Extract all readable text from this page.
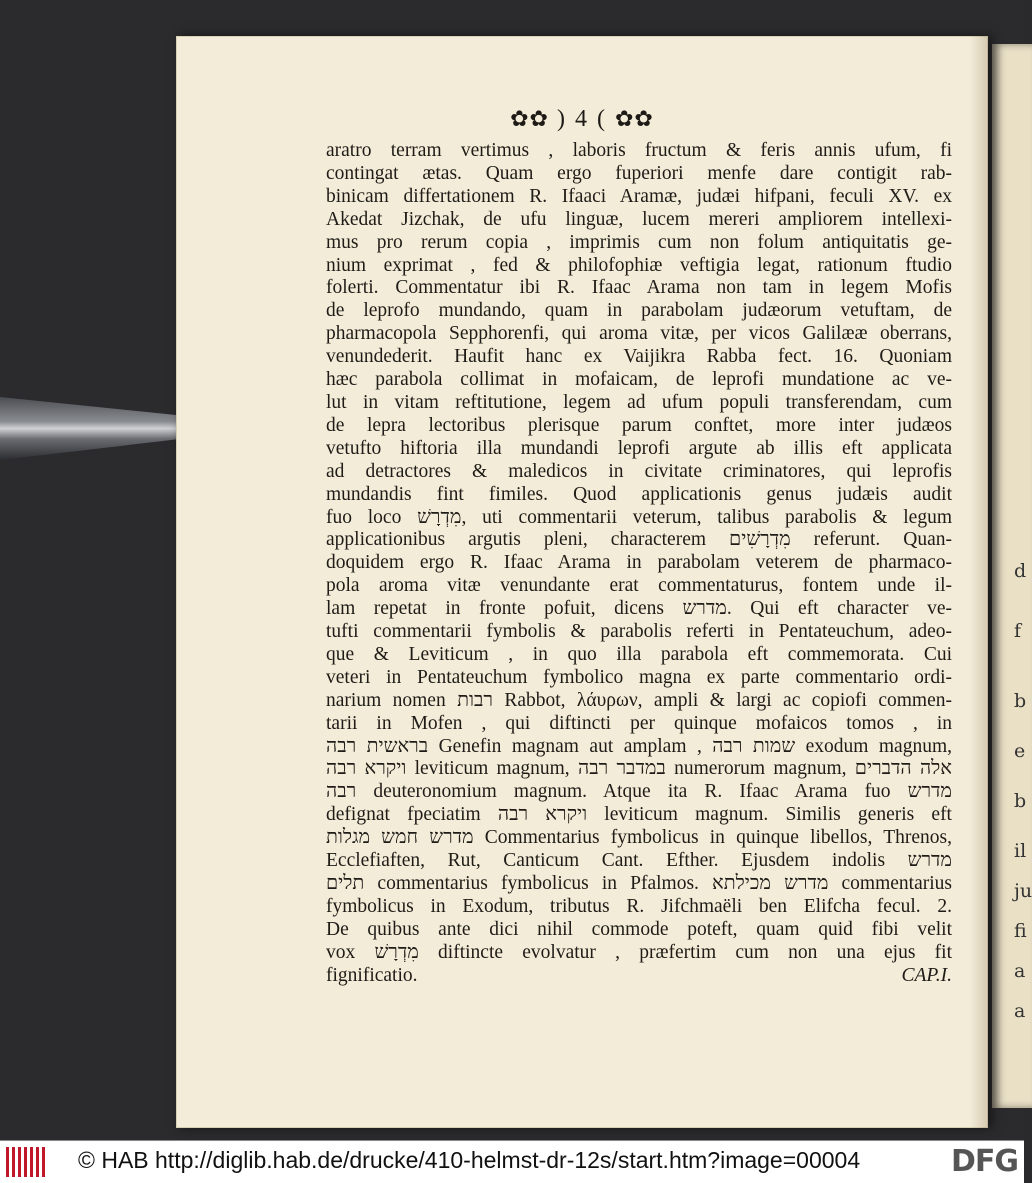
d
f
b
e
b
il
ju
fi
a
a
✿✿ ) 4 ( ✿✿
aratro terram vertimus , laboris fructum & feris annis ufum, fi
contingat ætas. Quam ergo fuperiori menfe dare contigit rab-
binicam differtationem R. Ifaaci Aramæ, judæi hifpani, feculi XV. ex
Akedat Jizchak, de ufu linguæ, lucem mereri ampliorem intellexi-
mus pro rerum copia , imprimis cum non folum antiquitatis ge-
nium exprimat , fed & philofophiæ veftigia legat, rationum ftudio
folerti. Commentatur ibi R. Ifaac Arama non tam in legem Mofis
de leprofo mundando, quam in parabolam judæorum vetuftam, de
pharmacopola Sepphorenfi, qui aroma vitæ, per vicos Galilææ oberrans,
venundederit. Haufit hanc ex Vaijikra Rabba fect. 16. Quoniam
hæc parabola collimat in mofaicam, de leprofi mundatione ac ve-
lut in vitam reftitutione, legem ad ufum populi transferendam, cum
de lepra lectoribus plerisque parum conftet, more inter judæos
vetufto hiftoria illa mundandi leprofi argute ab illis eft applicata
ad detractores & maledicos in civitate criminatores, qui leprofis
mundandis fint fimiles. Quod applicationis genus judæis audit
fuo loco מִדְרָשׁ, uti commentarii veterum, talibus parabolis & legum
applicationibus argutis pleni, characterem מִדְרָשִׁים referunt. Quan-
doquidem ergo R. Ifaac Arama in parabolam veterem de pharmaco-
pola aroma vitæ venundante erat commentaturus, fontem unde il-
lam repetat in fronte pofuit, dicens מדרש. Qui eft character ve-
tufti commentarii fymbolis & parabolis referti in Pentateuchum, adeo-
que & Leviticum , in quo illa parabola eft commemorata. Cui
veteri in Pentateuchum fymbolico magna ex parte commentario ordi-
narium nomen רבות Rabbot, λάυρων, ampli & largi ac copiofi commen-
tarii in Mofen , qui diftincti per quinque mofaicos tomos , in
בראשית רבה Genefin magnam aut amplam , שמות רבה exodum magnum,
ויקרא רבה leviticum magnum, במדבר רבה numerorum magnum, אלה הדברים
רבה deuteronomium magnum. Atque ita R. Ifaac Arama fuo מדרש
defignat fpeciatim ויקרא רבה leviticum magnum. Similis generis eft
מדרש חמש מגלות Commentarius fymbolicus in quinque libellos, Threnos,
Ecclefiaften, Rut, Canticum Cant. Efther. Ejusdem indolis מדרש
תלים commentarius fymbolicus in Pfalmos. מדרש מכילתא commentarius
fymbolicus in Exodum, tributus R. Jifchmaëli ben Elifcha fecul. 2.
De quibus ante dici nihil commode poteft, quam quid fibi velit
vox מִדְרָשׁ diftincte evolvatur , præfertim cum non una ejus fit
fignificatio.	CAP.I.
© HAB http://diglib.hab.de/drucke/410-helmst-dr-12s/start.htm?image=00004	DFG
